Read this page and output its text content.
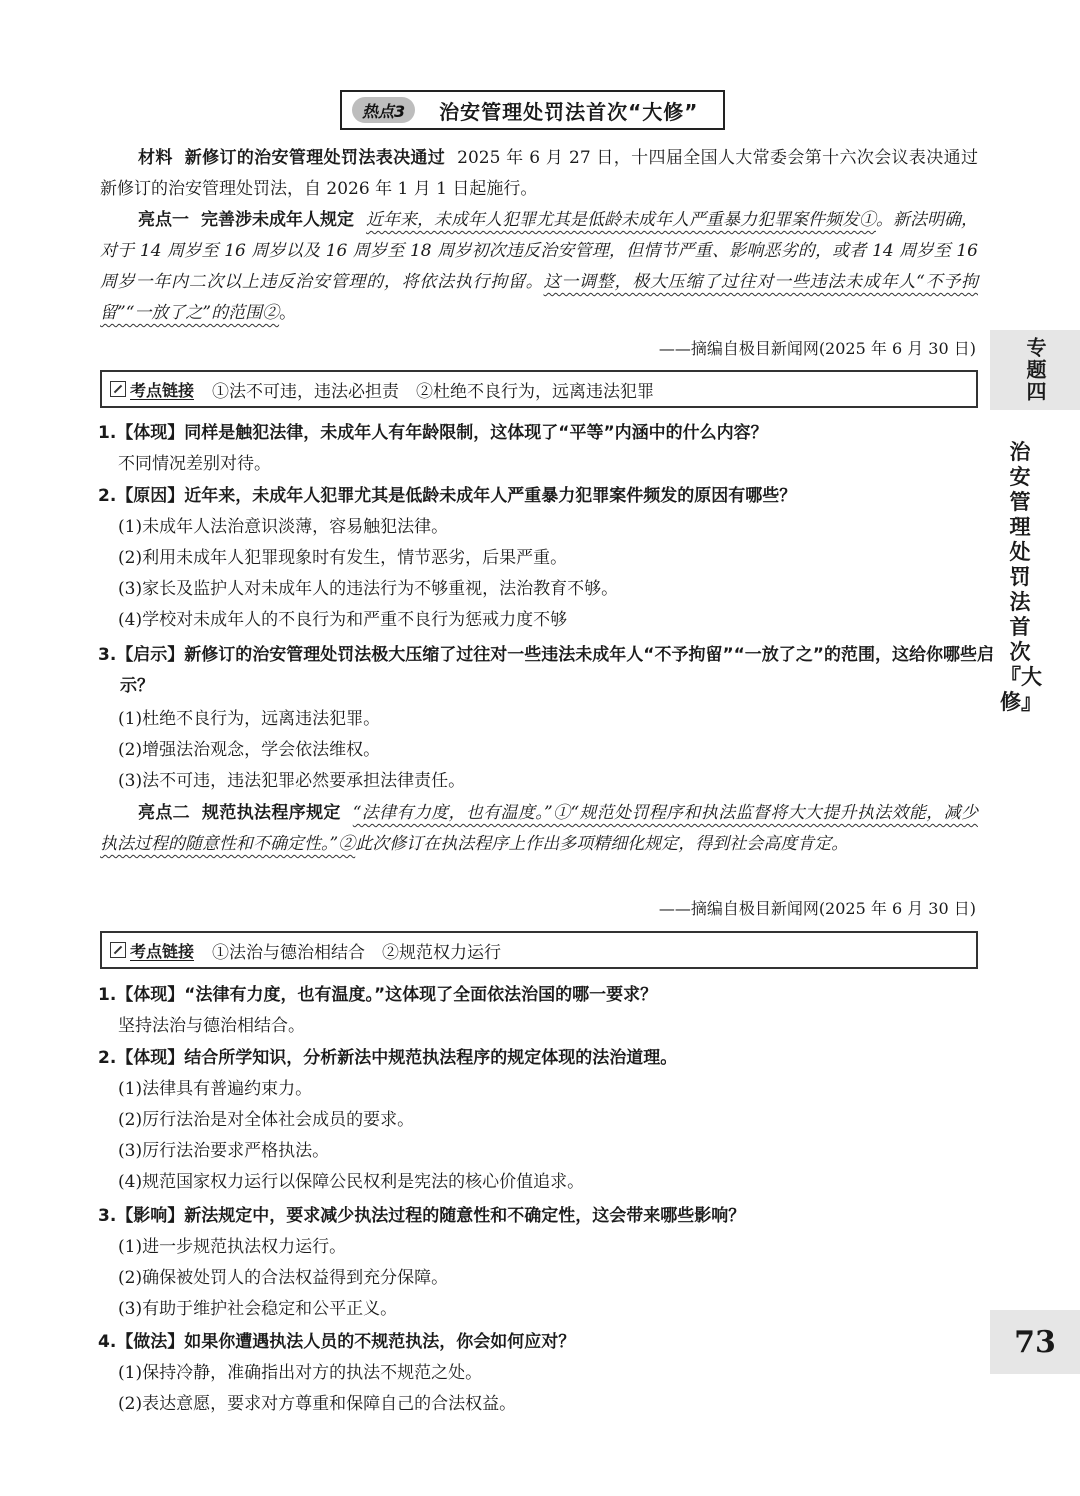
热点3	治安管理处罚法首次“大修”
材料 新修订的治安管理处罚法表决通过 2025 年 6 月 27 日，十四届全国人大常委会第十六次会议表决通过新修订的治安管理处罚法，自 2026 年 1 月 1 日起施行。
亮点一 完善涉未成年人规定 近年来，未成年人犯罪尤其是低龄未成年人严重暴力犯罪案件频发①。新法明确，对于 14 周岁至 16 周岁以及 16 周岁至 18 周岁初次违反治安管理，但情节严重、影响恶劣的，或者 14 周岁至 16 周岁一年内二次以上违反治安管理的，将依法执行拘留。这一调整，极大压缩了过往对一些违法未成年人“不予拘留”“一放了之”的范围②。
——摘编自极目新闻网(2025 年 6 月 30 日)
考点链接 ①法不可违，违法必担责　②杜绝不良行为，远离违法犯罪
1.【体现】同样是触犯法律，未成年人有年龄限制，这体现了“平等”内涵中的什么内容？
不同情况差别对待。
2.【原因】近年来，未成年人犯罪尤其是低龄未成年人严重暴力犯罪案件频发的原因有哪些？
(1)未成年人法治意识淡薄，容易触犯法律。
(2)利用未成年人犯罪现象时有发生，情节恶劣，后果严重。
(3)家长及监护人对未成年人的违法行为不够重视，法治教育不够。
(4)学校对未成年人的不良行为和严重不良行为惩戒力度不够
3.【启示】新修订的治安管理处罚法极大压缩了过往对一些违法未成年人“不予拘留”“一放了之”的范围，这给你哪些启示？
(1)杜绝不良行为，远离违法犯罪。
(2)增强法治观念，学会依法维权。
(3)法不可违，违法犯罪必然要承担法律责任。
亮点二 规范执法程序规定 “法律有力度，也有温度。”①“规范处罚程序和执法监督将大大提升执法效能，减少执法过程的随意性和不确定性。”②此次修订在执法程序上作出多项精细化规定，得到社会高度肯定。
——摘编自极目新闻网(2025 年 6 月 30 日)
考点链接 ①法治与德治相结合　②规范权力运行
1.【体现】“法律有力度，也有温度。”这体现了全面依法治国的哪一要求？
坚持法治与德治相结合。
2.【体现】结合所学知识，分析新法中规范执法程序的规定体现的法治道理。
(1)法律具有普遍约束力。
(2)厉行法治是对全体社会成员的要求。
(3)厉行法治要求严格执法。
(4)规范国家权力运行以保障公民权利是宪法的核心价值追求。
3.【影响】新法规定中，要求减少执法过程的随意性和不确定性，这会带来哪些影响？
(1)进一步规范执法权力运行。
(2)确保被处罚人的合法权益得到充分保障。
(3)有助于维护社会稳定和公平正义。
4.【做法】如果你遭遇执法人员的不规范执法，你会如何应对？
(1)保持冷静，准确指出对方的执法不规范之处。
(2)表达意愿，要求对方尊重和保障自己的合法权益。
专题四
治安管理处罚法首次『大修』
73
